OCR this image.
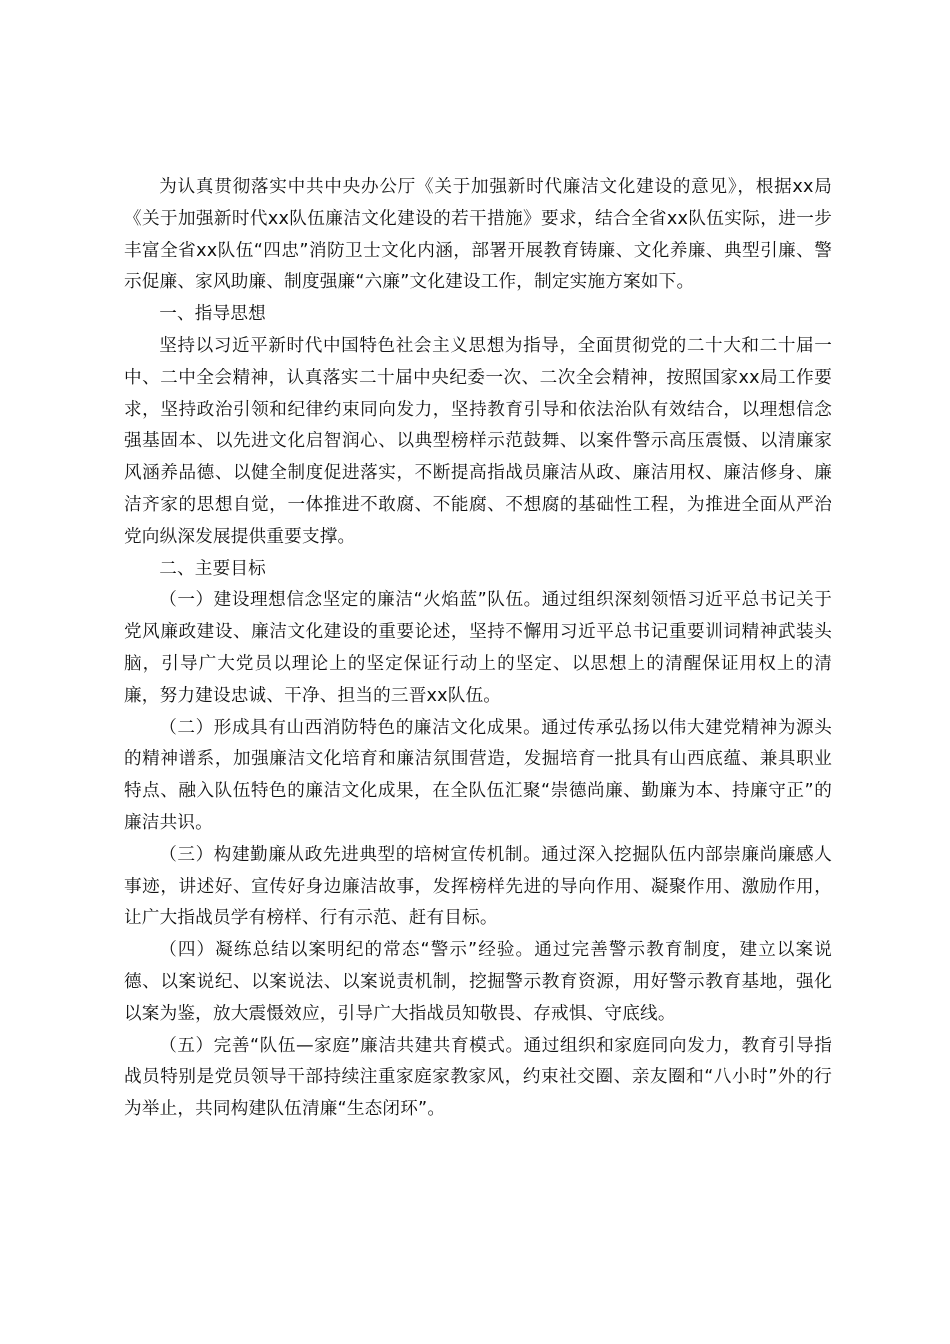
为认真贯彻落实中共中央办公厅《关于加强新时代廉洁文化建设的意见》，根据xx局《关于加强新时代xx队伍廉洁文化建设的若干措施》要求，结合全省xx队伍实际，进一步丰富全省xx队伍“四忠”消防卫士文化内涵，部署开展教育铸廉、文化养廉、典型引廉、警示促廉、家风助廉、制度强廉“六廉”文化建设工作，制定实施方案如下。

一、指导思想

坚持以习近平新时代中国特色社会主义思想为指导，全面贯彻党的二十大和二十届一中、二中全会精神，认真落实二十届中央纪委一次、二次全会精神，按照国家xx局工作要求，坚持政治引领和纪律约束同向发力，坚持教育引导和依法治队有效结合，以理想信念强基固本、以先进文化启智润心、以典型榜样示范鼓舞、以案件警示高压震慑、以清廉家风涵养品德、以健全制度促进落实，不断提高指战员廉洁从政、廉洁用权、廉洁修身、廉洁齐家的思想自觉，一体推进不敢腐、不能腐、不想腐的基础性工程，为推进全面从严治党向纵深发展提供重要支撑。

二、主要目标

（一）建设理想信念坚定的廉洁“火焰蓝”队伍。通过组织深刻领悟习近平总书记关于党风廉政建设、廉洁文化建设的重要论述，坚持不懈用习近平总书记重要训词精神武装头脑，引导广大党员以理论上的坚定保证行动上的坚定、以思想上的清醒保证用权上的清廉，努力建设忠诚、干净、担当的三晋xx队伍。

（二）形成具有山西消防特色的廉洁文化成果。通过传承弘扬以伟大建党精神为源头的精神谱系，加强廉洁文化培育和廉洁氛围营造，发掘培育一批具有山西底蕴、兼具职业特点、融入队伍特色的廉洁文化成果，在全队伍汇聚“崇德尚廉、勤廉为本、持廉守正”的廉洁共识。

（三）构建勤廉从政先进典型的培树宣传机制。通过深入挖掘队伍内部崇廉尚廉感人事迹，讲述好、宣传好身边廉洁故事，发挥榜样先进的导向作用、凝聚作用、激励作用，让广大指战员学有榜样、行有示范、赶有目标。

（四）凝练总结以案明纪的常态“警示”经验。通过完善警示教育制度，建立以案说德、以案说纪、以案说法、以案说责机制，挖掘警示教育资源，用好警示教育基地，强化以案为鉴，放大震慑效应，引导广大指战员知敬畏、存戒惧、守底线。

（五）完善“队伍—家庭”廉洁共建共育模式。通过组织和家庭同向发力，教育引导指战员特别是党员领导干部持续注重家庭家教家风，约束社交圈、亲友圈和“八小时”外的行为举止，共同构建队伍清廉“生态闭环”。
